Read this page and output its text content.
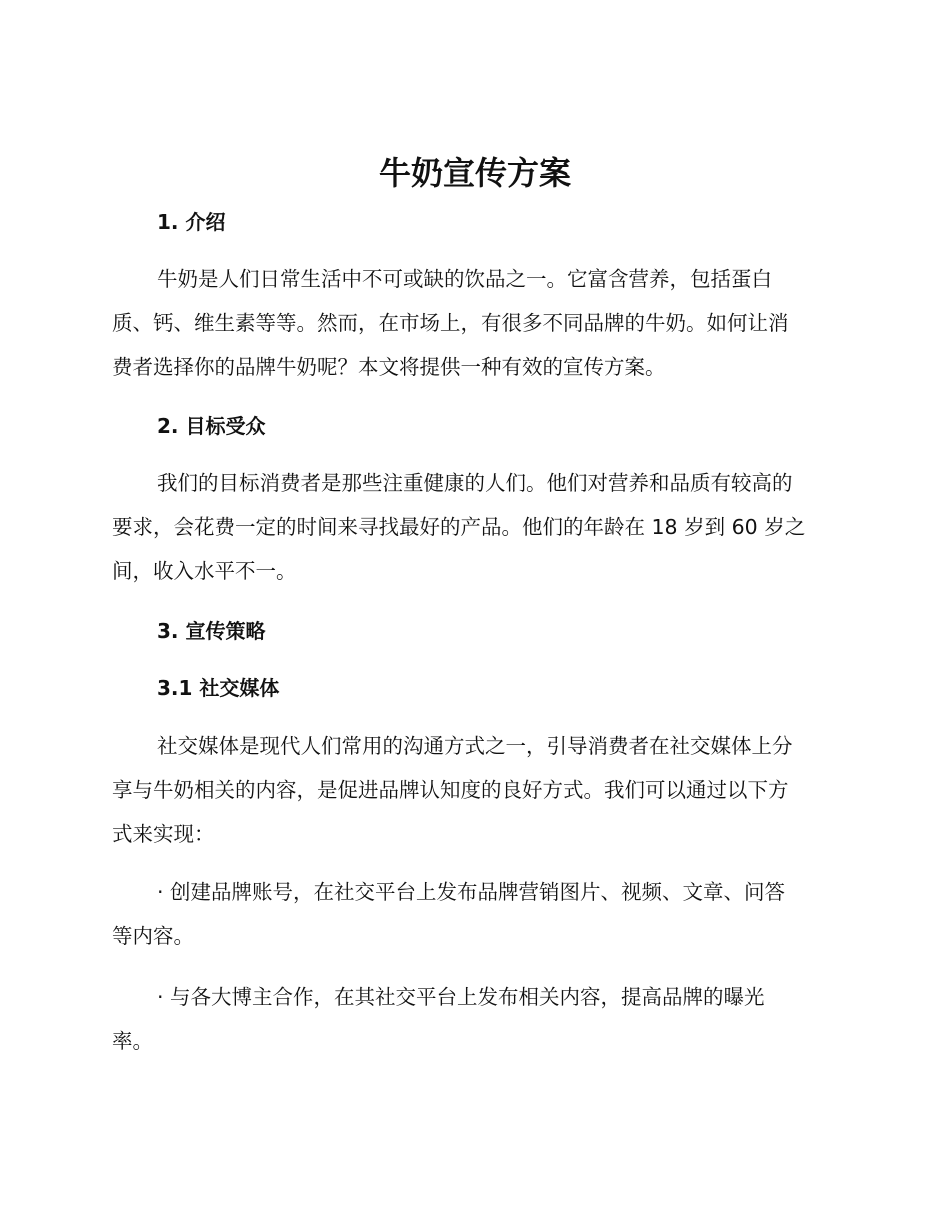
牛奶宣传方案
1. 介绍
牛奶是人们日常生活中不可或缺的饮品之一。它富含营养，包括蛋白
质、钙、维生素等等。然而，在市场上，有很多不同品牌的牛奶。如何让消
费者选择你的品牌牛奶呢？本文将提供一种有效的宣传方案。
2. 目标受众
我们的目标消费者是那些注重健康的人们。他们对营养和品质有较高的
要求，会花费一定的时间来寻找最好的产品。他们的年龄在 18 岁到 60 岁之
间，收入水平不一。
3. 宣传策略
3.1 社交媒体
社交媒体是现代人们常用的沟通方式之一，引导消费者在社交媒体上分
享与牛奶相关的内容，是促进品牌认知度的良好方式。我们可以通过以下方
式来实现：
· 创建品牌账号，在社交平台上发布品牌营销图片、视频、文章、问答
等内容。
· 与各大博主合作，在其社交平台上发布相关内容，提高品牌的曝光
率。
